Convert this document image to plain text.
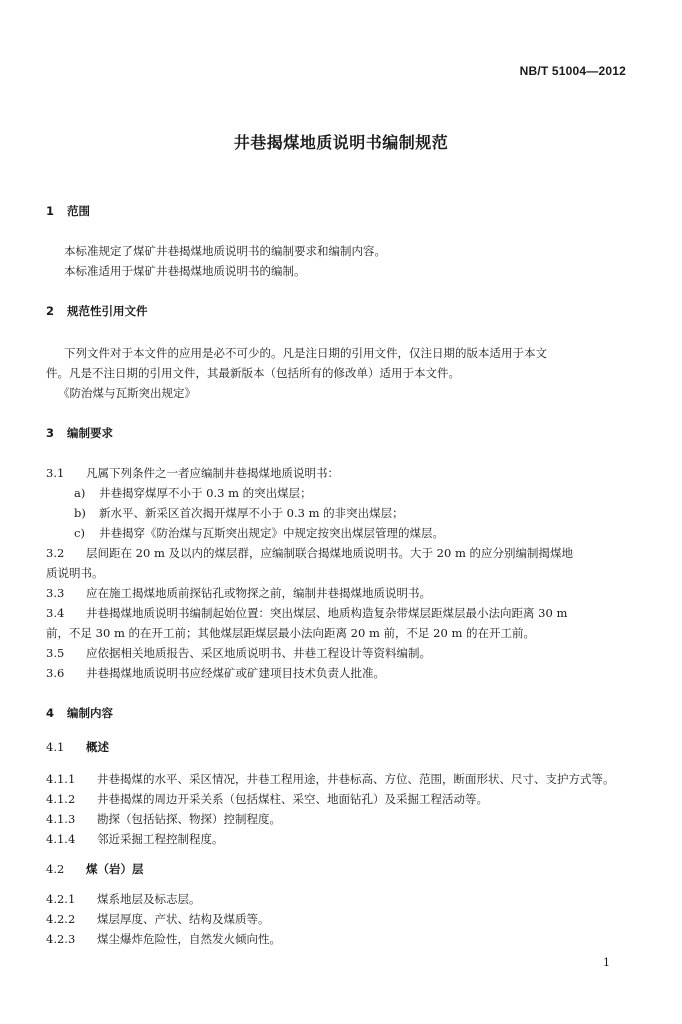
NB/T 51004—2012
井巷揭煤地质说明书编制规范
1 范围
本标准规定了煤矿井巷揭煤地质说明书的编制要求和编制内容。
本标准适用于煤矿井巷揭煤地质说明书的编制。
2 规范性引用文件
下列文件对于本文件的应用是必不可少的。凡是注日期的引用文件，仅注日期的版本适用于本文
件。凡是不注日期的引用文件，其最新版本（包括所有的修改单）适用于本文件。
《防治煤与瓦斯突出规定》
3 编制要求
3.1 凡属下列条件之一者应编制井巷揭煤地质说明书：
a) 井巷揭穿煤厚不小于 0.3 m 的突出煤层；
b) 新水平、新采区首次揭开煤厚不小于 0.3 m 的非突出煤层；
c) 井巷揭穿《防治煤与瓦斯突出规定》中规定按突出煤层管理的煤层。
3.2 层间距在 20 m 及以内的煤层群，应编制联合揭煤地质说明书。大于 20 m 的应分别编制揭煤地
质说明书。
3.3 应在施工揭煤地质前探钻孔或物探之前，编制井巷揭煤地质说明书。
3.4 井巷揭煤地质说明书编制起始位置：突出煤层、地质构造复杂带煤层距煤层最小法向距离 30 m
前，不足 30 m 的在开工前；其他煤层距煤层最小法向距离 20 m 前，不足 20 m 的在开工前。
3.5 应依据相关地质报告、采区地质说明书、井巷工程设计等资料编制。
3.6 井巷揭煤地质说明书应经煤矿或矿建项目技术负责人批准。
4 编制内容
4.1 概述
4.1.1 井巷揭煤的水平、采区情况，井巷工程用途，井巷标高、方位、范围，断面形状、尺寸、支护方式等。
4.1.2 井巷揭煤的周边开采关系（包括煤柱、采空、地面钻孔）及采掘工程活动等。
4.1.3 勘探（包括钻探、物探）控制程度。
4.1.4 邻近采掘工程控制程度。
4.2 煤（岩）层
4.2.1 煤系地层及标志层。
4.2.2 煤层厚度、产状、结构及煤质等。
4.2.3 煤尘爆炸危险性，自然发火倾向性。
1
